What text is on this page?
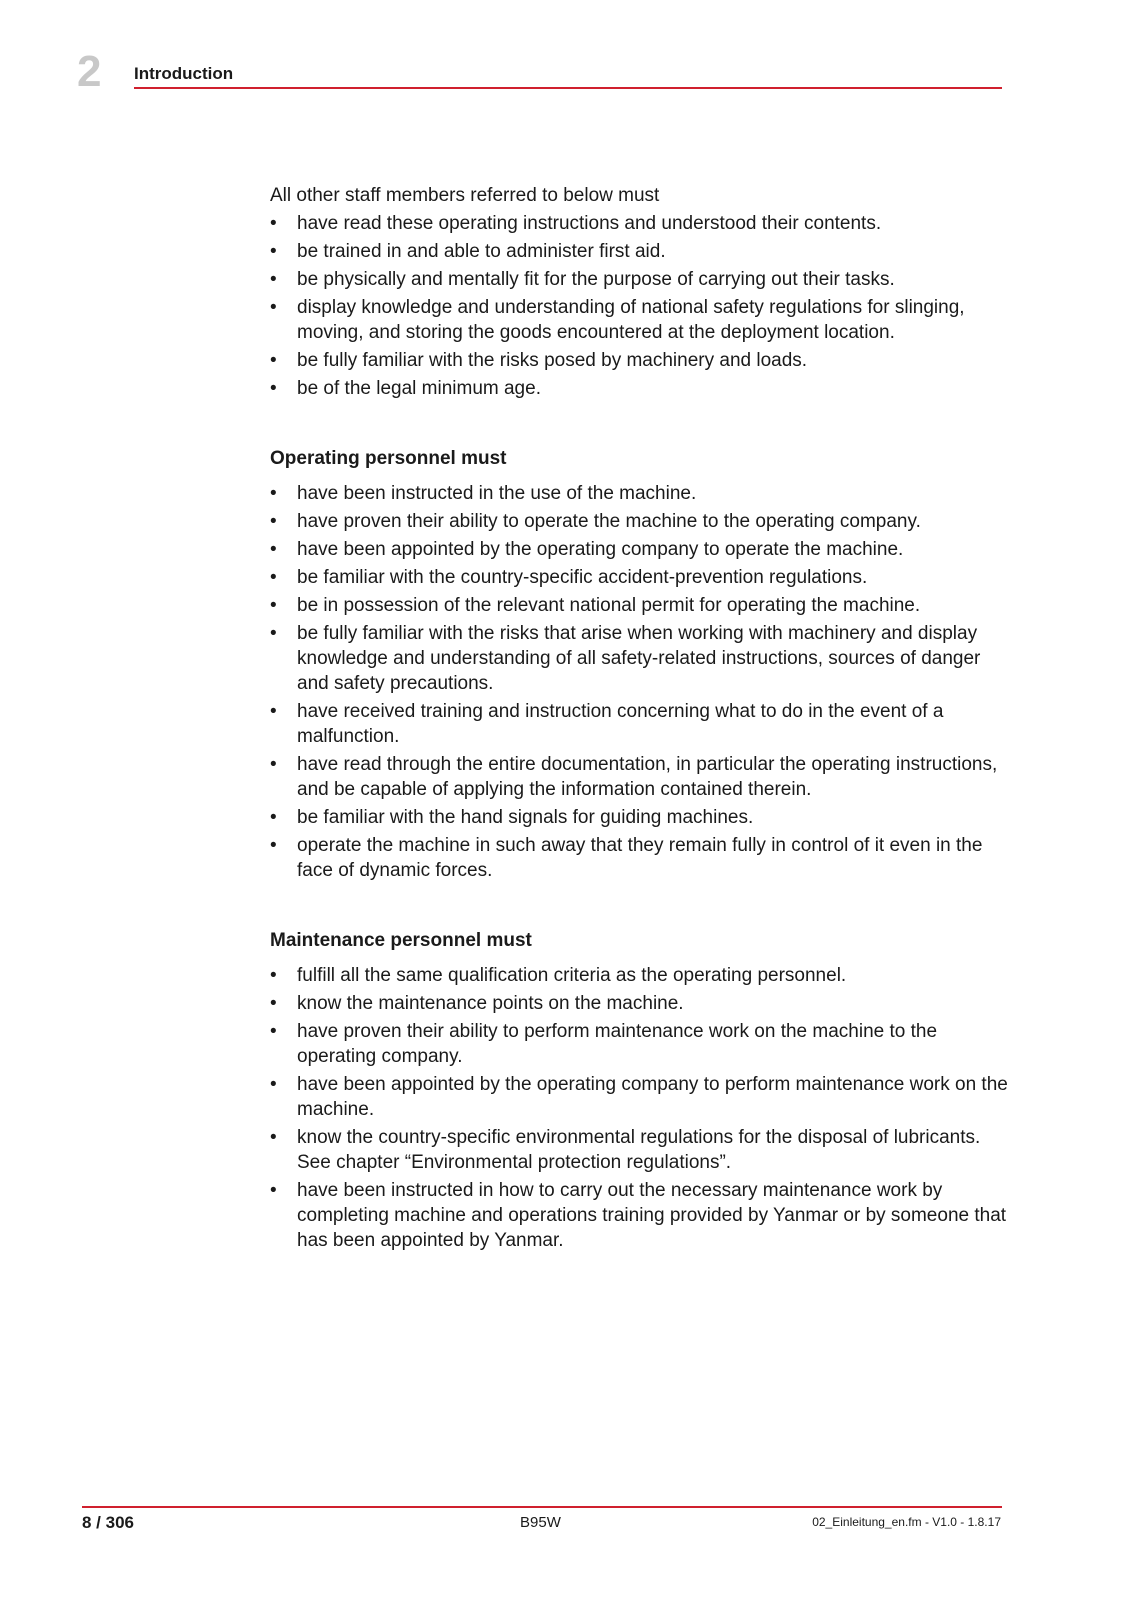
2 Introduction

All other staff members referred to below must

• have read these operating instructions and understood their contents.
• be trained in and able to administer first aid.
• be physically and mentally fit for the purpose of carrying out their tasks.
• display knowledge and understanding of national safety regulations for slinging, moving, and storing the goods encountered at the deployment location.
• be fully familiar with the risks posed by machinery and loads.
• be of the legal minimum age.

Operating personnel must

• have been instructed in the use of the machine.
• have proven their ability to operate the machine to the operating company.
• have been appointed by the operating company to operate the machine.
• be familiar with the country-specific accident-prevention regulations.
• be in possession of the relevant national permit for operating the machine.
• be fully familiar with the risks that arise when working with machinery and display knowledge and understanding of all safety-related instructions, sources of danger and safety precautions.
• have received training and instruction concerning what to do in the event of a malfunction.
• have read through the entire documentation, in particular the operating instructions, and be capable of applying the information contained therein.
• be familiar with the hand signals for guiding machines.
• operate the machine in such away that they remain fully in control of it even in the face of dynamic forces.

Maintenance personnel must

• fulfill all the same qualification criteria as the operating personnel.
• know the maintenance points on the machine.
• have proven their ability to perform maintenance work on the machine to the operating company.
• have been appointed by the operating company to perform maintenance work on the machine.
• know the country-specific environmental regulations for the disposal of lubricants. See chapter “Environmental protection regulations”.
• have been instructed in how to carry out the necessary maintenance work by completing machine and operations training provided by Yanmar or by someone that has been appointed by Yanmar.
8 / 306	B95W	02_Einleitung_en.fm - V1.0 - 1.8.17
